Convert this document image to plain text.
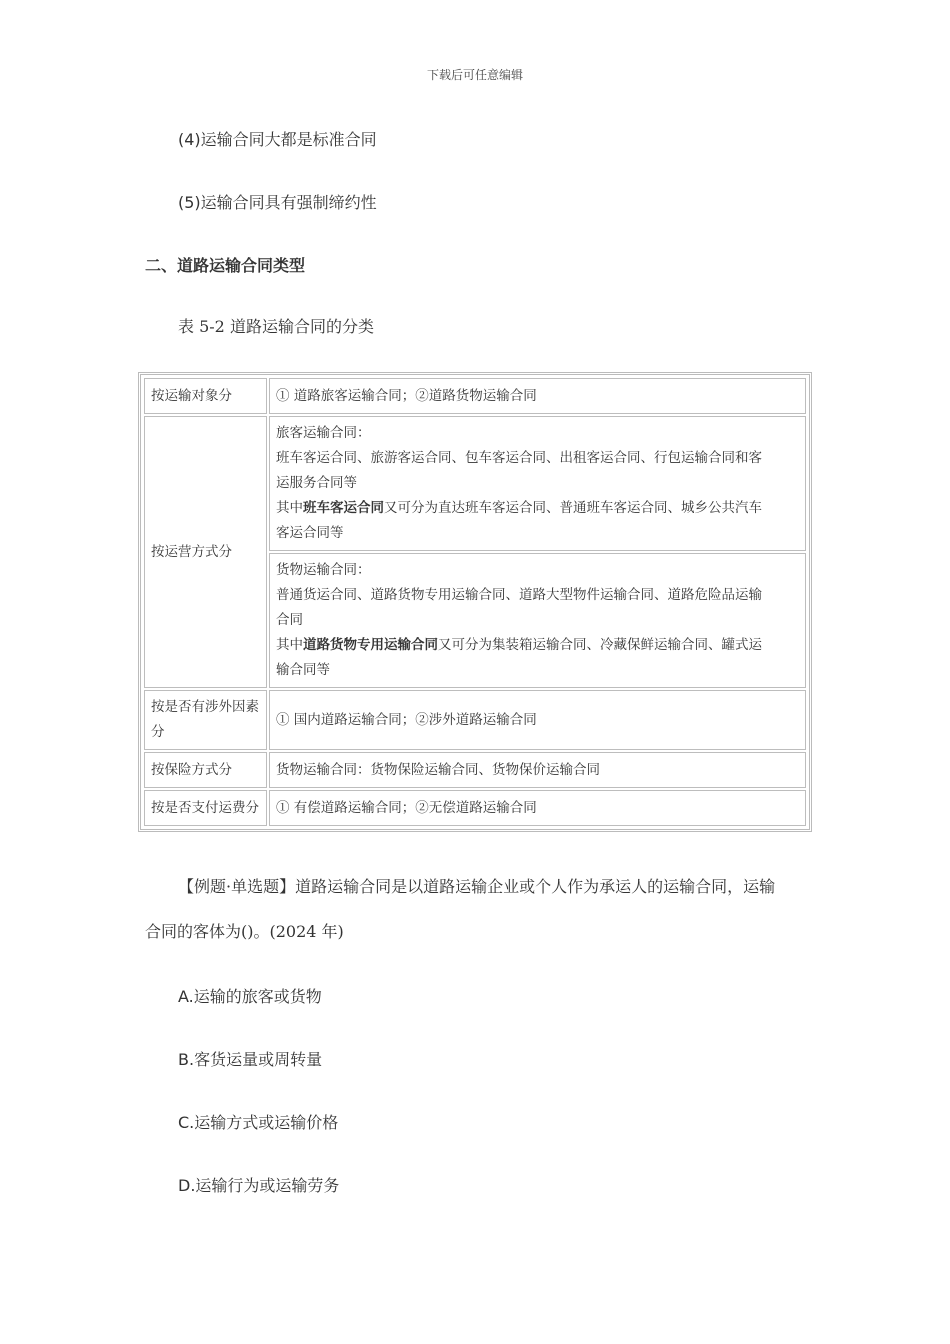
下载后可任意编辑
(4)运输合同大都是标准合同
(5)运输合同具有强制缔约性
二、道路运输合同类型
表 5-2 道路运输合同的分类
按运输对象分	① 道路旅客运输合同；②道路货物运输合同
按运营方式分	旅客运输合同：
班车客运合同、旅游客运合同、包车客运合同、出租客运合同、行包运输合同和客
运服务合同等
其中班车客运合同又可分为直达班车客运合同、普通班车客运合同、城乡公共汽车
客运合同等

	货物运输合同：
普通货运合同、道路货物专用运输合同、道路大型物件运输合同、道路危险品运输
合同
其中道路货物专用运输合同又可分为集装箱运输合同、冷藏保鲜运输合同、罐式运
输合同等

按是否有涉外因素
分	① 国内道路运输合同；②涉外道路运输合同
按保险方式分	货物运输合同：货物保险运输合同、货物保价运输合同
按是否支付运费分	① 有偿道路运输合同；②无偿道路运输合同
【例题·单选题】道路运输合同是以道路运输企业或个人作为承运人的运输合同，运输
合同的客体为()。(2024 年)
A.运输的旅客或货物
B.客货运量或周转量
C.运输方式或运输价格
D.运输行为或运输劳务
